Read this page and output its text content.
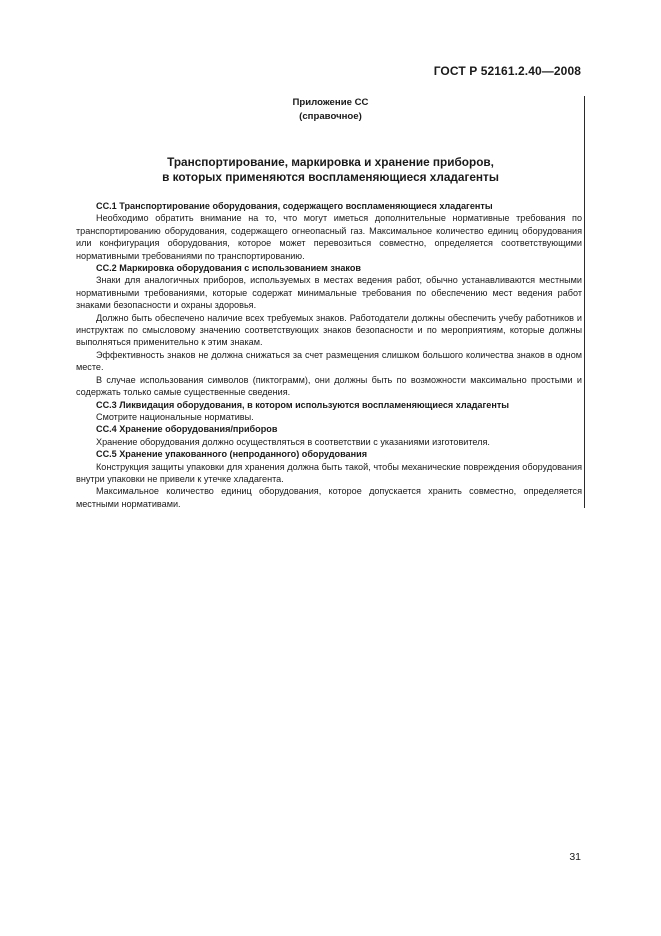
ГОСТ Р 52161.2.40—2008
Приложение СС
(справочное)
Транспортирование, маркировка и хранение приборов,
в которых применяются воспламеняющиеся хладагенты

СС.1 Транспортирование оборудования, содержащего воспламеняющиеся хладагенты

Необходимо обратить внимание на то, что могут иметься дополнительные нормативные требования по транспортированию оборудования, содержащего огнеопасный газ. Максимальное количество единиц оборудования или конфигурация оборудования, которое может перевозиться совместно, определяется соответствующими нормативными требованиями по транспортированию.

СС.2 Маркировка оборудования с использованием знаков

Знаки для аналогичных приборов, используемых в местах ведения работ, обычно устанавливаются местными нормативными требованиями, которые содержат минимальные требования по обеспечению мест ведения работ знаками безопасности и охраны здоровья.

Должно быть обеспечено наличие всех требуемых знаков. Работодатели должны обеспечить учебу работников и инструктаж по смысловому значению соответствующих знаков безопасности и по мероприятиям, которые должны выполняться применительно к этим знакам.

Эффективность знаков не должна снижаться за счет размещения слишком большого количества знаков в одном месте.

В случае использования символов (пиктограмм), они должны быть по возможности максимально простыми и содержать только самые существенные сведения.

СС.3 Ликвидация оборудования, в котором используются воспламеняющиеся хладагенты

Смотрите национальные нормативы.

СС.4 Хранение оборудования/приборов

Хранение оборудования должно осуществляться в соответствии с указаниями изготовителя.

СС.5 Хранение упакованного (непроданного) оборудования

Конструкция защиты упаковки для хранения должна быть такой, чтобы механические повреждения оборудования внутри упаковки не привели к утечке хладагента.

Максимальное количество единиц оборудования, которое допускается хранить совместно, определяется местными нормативами.

31
